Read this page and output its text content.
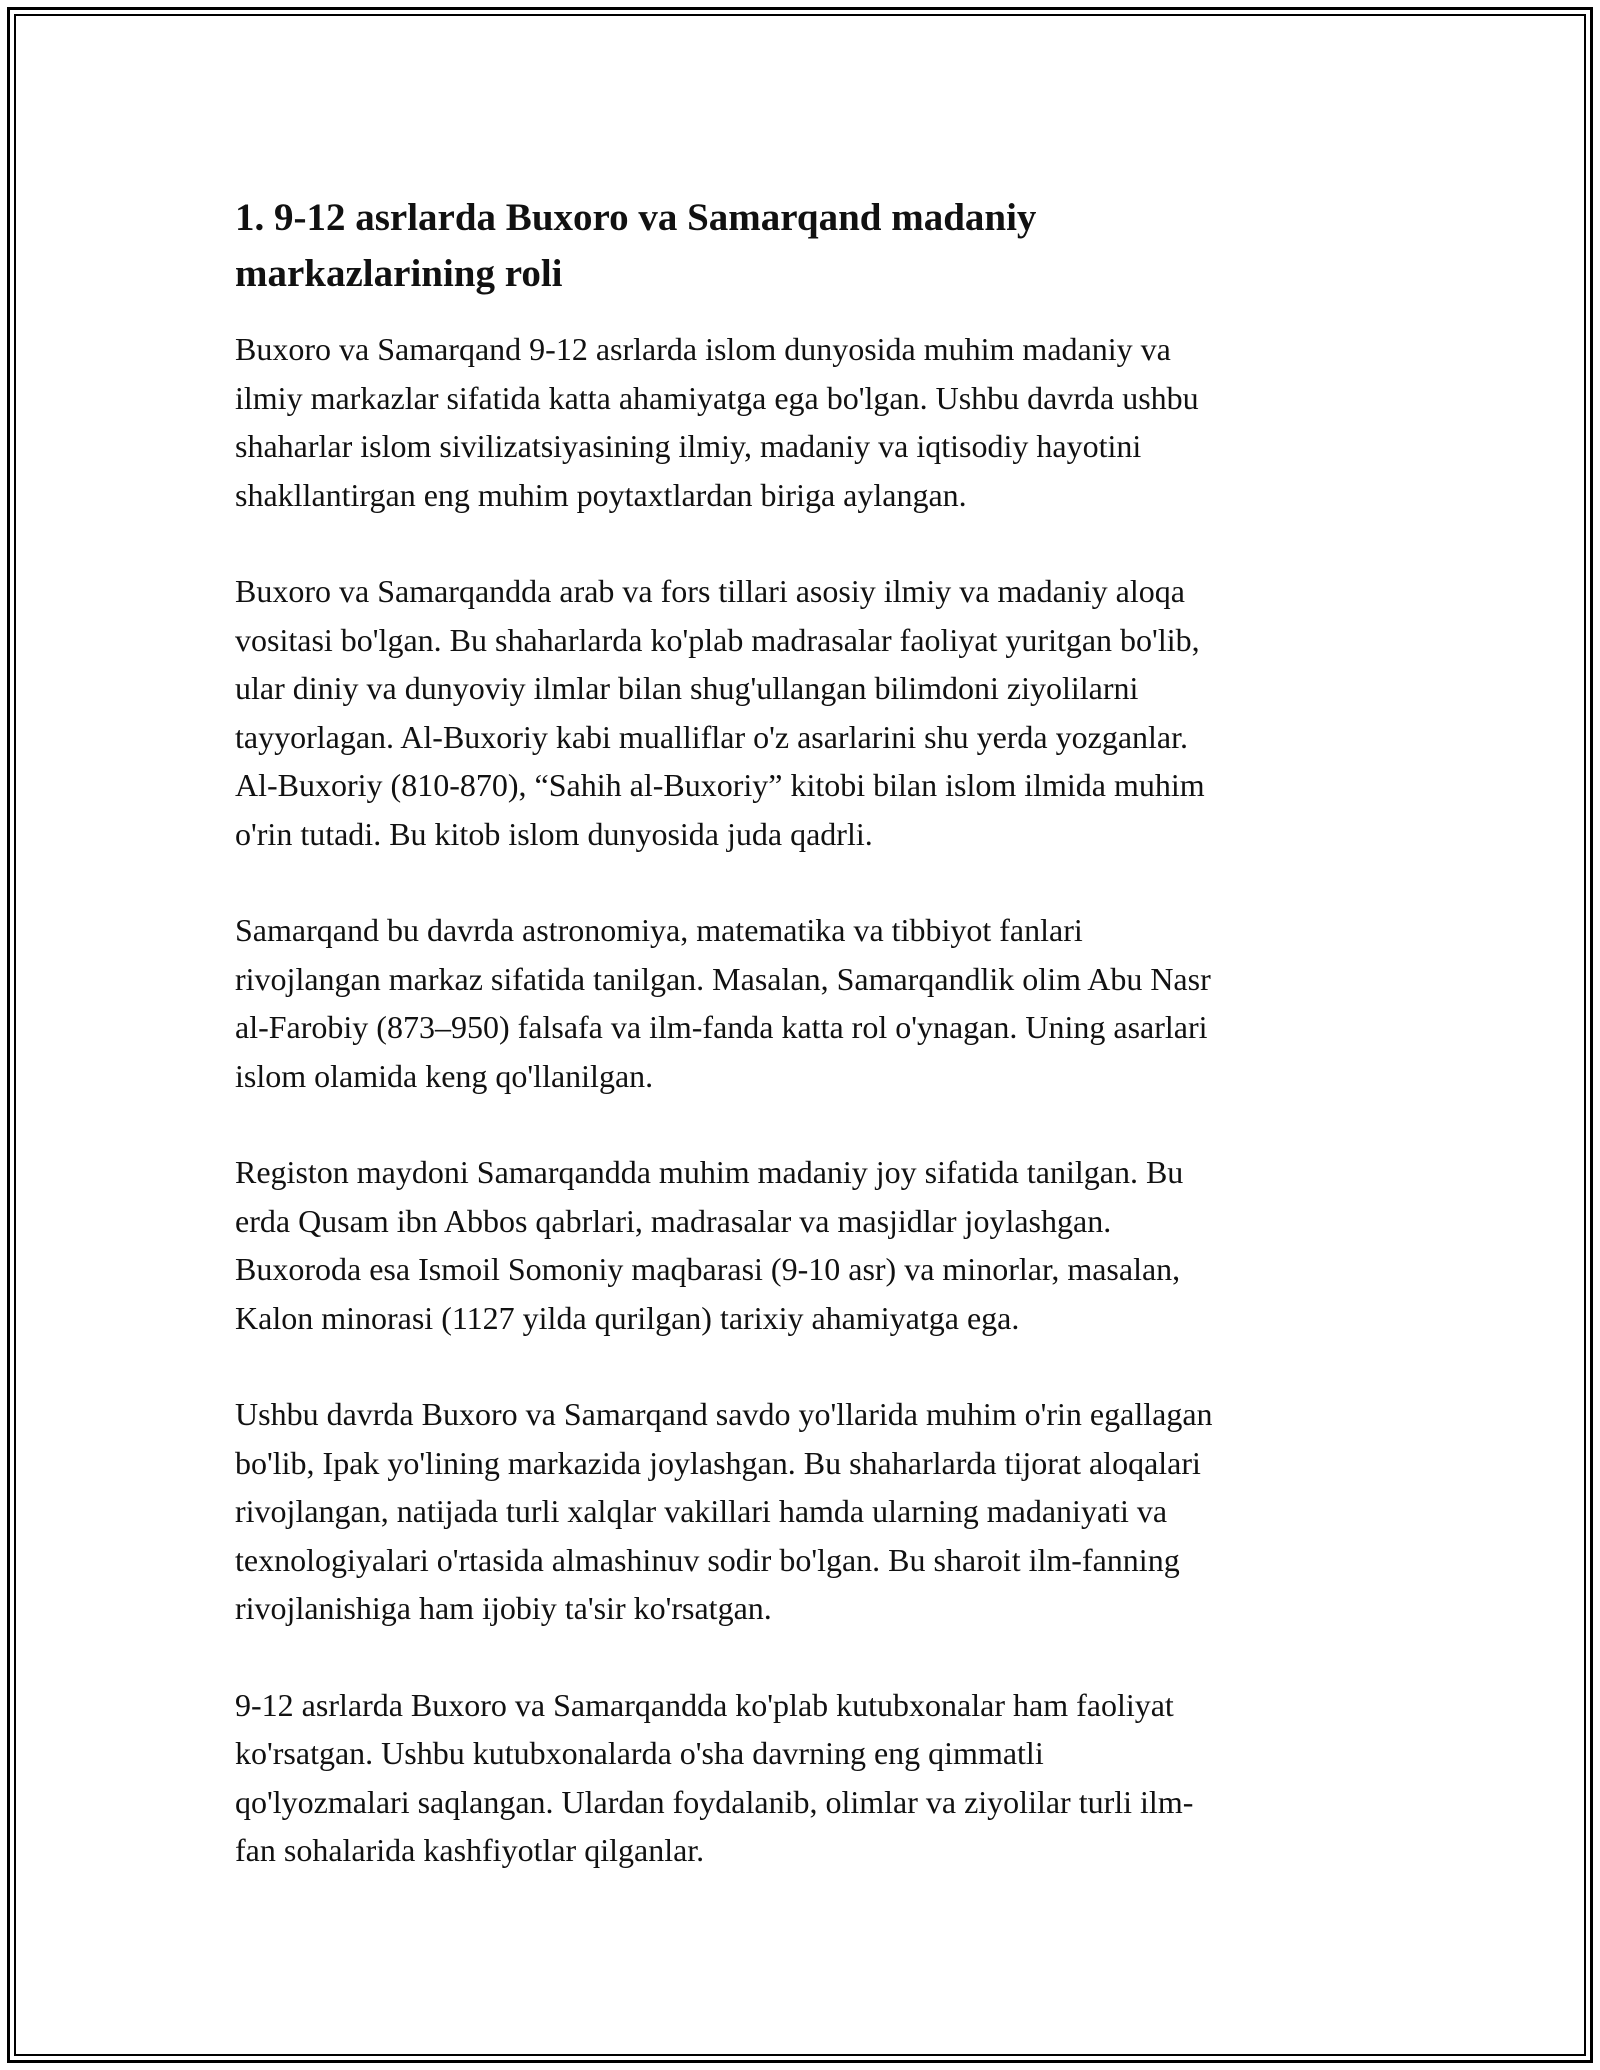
1. 9-12 asrlarda Buxoro va Samarqand madaniy
markazlarining roli

Buxoro va Samarqand 9-12 asrlarda islom dunyosida muhim madaniy va
ilmiy markazlar sifatida katta ahamiyatga ega bo'lgan. Ushbu davrda ushbu
shaharlar islom sivilizatsiyasining ilmiy, madaniy va iqtisodiy hayotini
shakllantirgan eng muhim poytaxtlardan biriga aylangan.

Buxoro va Samarqandda arab va fors tillari asosiy ilmiy va madaniy aloqa
vositasi bo'lgan. Bu shaharlarda ko'plab madrasalar faoliyat yuritgan bo'lib,
ular diniy va dunyoviy ilmlar bilan shug'ullangan bilimdoni ziyolilarni
tayyorlagan. Al-Buxoriy kabi mualliflar o'z asarlarini shu yerda yozganlar.
Al-Buxoriy (810-870), “Sahih al-Buxoriy” kitobi bilan islom ilmida muhim
o'rin tutadi. Bu kitob islom dunyosida juda qadrli.

Samarqand bu davrda astronomiya, matematika va tibbiyot fanlari
rivojlangan markaz sifatida tanilgan. Masalan, Samarqandlik olim Abu Nasr
al-Farobiy (873–950) falsafa va ilm-fanda katta rol o'ynagan. Uning asarlari
islom olamida keng qo'llanilgan.

Registon maydoni Samarqandda muhim madaniy joy sifatida tanilgan. Bu
erda Qusam ibn Abbos qabrlari, madrasalar va masjidlar joylashgan.
Buxoroda esa Ismoil Somoniy maqbarasi (9-10 asr) va minorlar, masalan,
Kalon minorasi (1127 yilda qurilgan) tarixiy ahamiyatga ega.

Ushbu davrda Buxoro va Samarqand savdo yo'llarida muhim o'rin egallagan
bo'lib, Ipak yo'lining markazida joylashgan. Bu shaharlarda tijorat aloqalari
rivojlangan, natijada turli xalqlar vakillari hamda ularning madaniyati va
texnologiyalari o'rtasida almashinuv sodir bo'lgan. Bu sharoit ilm-fanning
rivojlanishiga ham ijobiy ta'sir ko'rsatgan.

9-12 asrlarda Buxoro va Samarqandda ko'plab kutubxonalar ham faoliyat
ko'rsatgan. Ushbu kutubxonalarda o'sha davrning eng qimmatli
qo'lyozmalari saqlangan. Ulardan foydalanib, olimlar va ziyolilar turli ilm-
fan sohalarida kashfiyotlar qilganlar.
